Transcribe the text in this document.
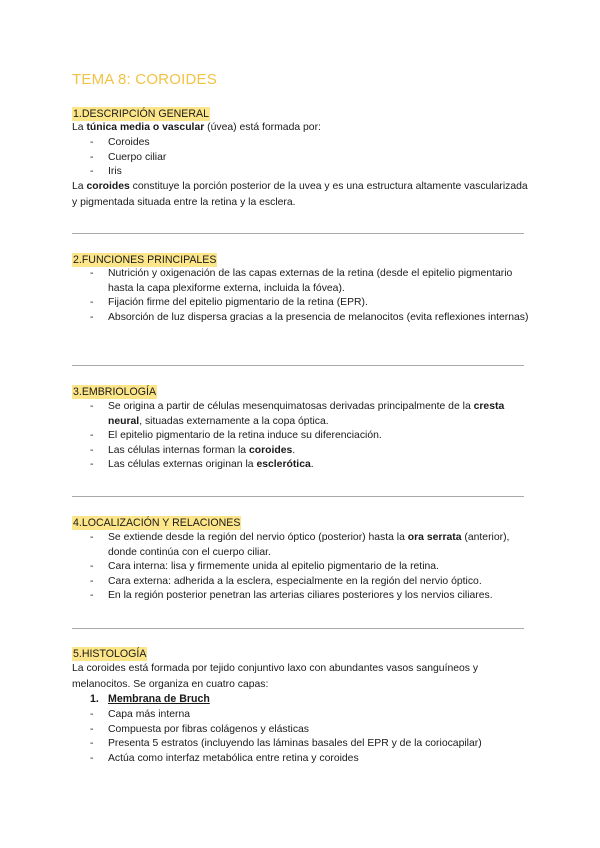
TEMA 8: COROIDES
1.DESCRIPCIÓN GENERAL
La túnica media o vascular (úvea) está formada por:
- Coroides
- Cuerpo ciliar
- Iris
La coroides constituye la porción posterior de la uvea y es una estructura altamente vascularizada y pigmentada situada entre la retina y la esclera.
2.FUNCIONES PRINCIPALES
- Nutrición y oxigenación de las capas externas de la retina (desde el epitelio pigmentario hasta la capa plexiforme externa, incluida la fóvea).
- Fijación firme del epitelio pigmentario de la retina (EPR).
- Absorción de luz dispersa gracias a la presencia de melanocitos (evita reflexiones internas)
3.EMBRIOLOGÍA
- Se origina a partir de células mesenquimatosas derivadas principalmente de la cresta neural, situadas externamente a la copa óptica.
- El epitelio pigmentario de la retina induce su diferenciación.
- Las células internas forman la coroides.
- Las células externas originan la esclerótica.
4.LOCALIZACIÓN Y RELACIONES
- Se extiende desde la región del nervio óptico (posterior) hasta la ora serrata (anterior), donde continúa con el cuerpo ciliar.
- Cara interna: lisa y firmemente unida al epitelio pigmentario de la retina.
- Cara externa: adherida a la esclera, especialmente en la región del nervio óptico.
- En la región posterior penetran las arterias ciliares posteriores y los nervios ciliares.
5.HISTOLOGÍA
La coroides está formada por tejido conjuntivo laxo con abundantes vasos sanguíneos y melanocitos. Se organiza en cuatro capas:
1. Membrana de Bruch
- Capa más interna
- Compuesta por fibras colágenos y elásticas
- Presenta 5 estratos (incluyendo las láminas basales del EPR y de la coriocapilar)
- Actúa como interfaz metabólica entre retina y coroides
